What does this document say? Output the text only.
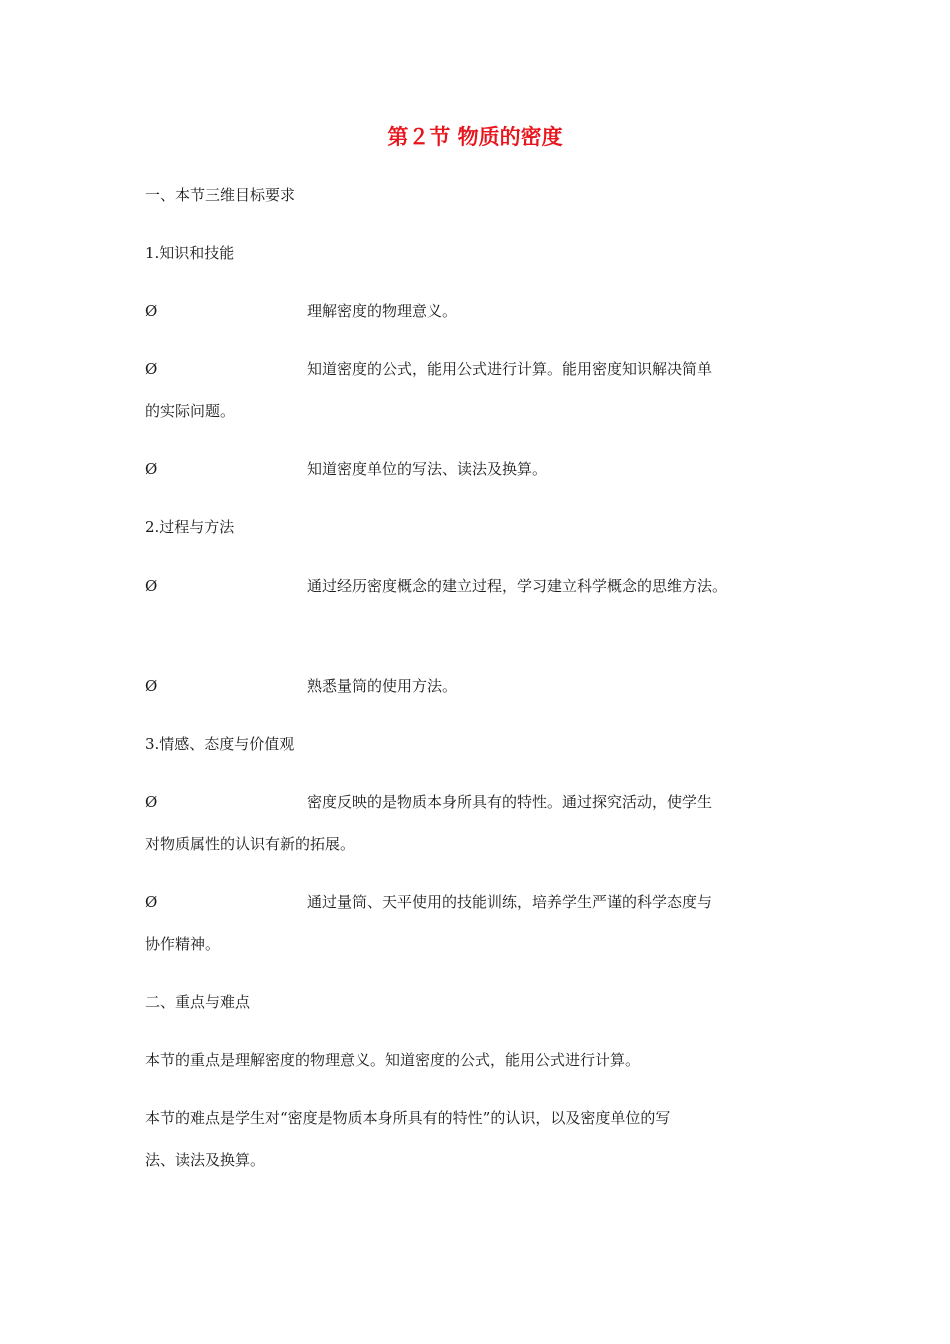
第２节 物质的密度
一、本节三维目标要求
1.知识和技能
Ø	理解密度的物理意义。
Ø	知道密度的公式，能用公式进行计算。能用密度知识解决简单
的实际问题。
Ø	知道密度单位的写法、读法及换算。
2.过程与方法
Ø	通过经历密度概念的建立过程，学习建立科学概念的思维方法。
Ø	熟悉量筒的使用方法。
3.情感、态度与价值观
Ø	密度反映的是物质本身所具有的特性。通过探究活动，使学生
对物质属性的认识有新的拓展。
Ø	通过量筒、天平使用的技能训练，培养学生严谨的科学态度与
协作精神。
二、重点与难点
本节的重点是理解密度的物理意义。知道密度的公式，能用公式进行计算。
本节的难点是学生对“密度是物质本身所具有的特性”的认识，以及密度单位的写
法、读法及换算。
